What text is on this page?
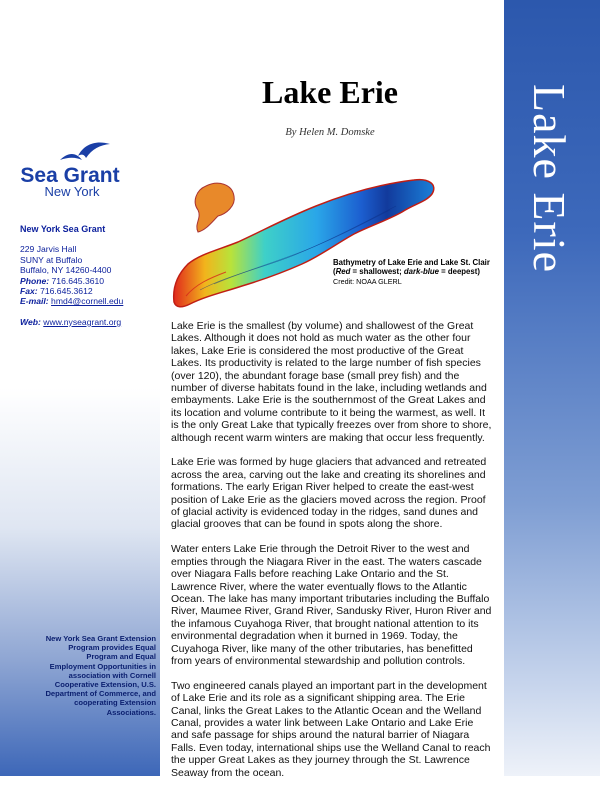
Lake Erie
Sea Grant
New York
New York Sea Grant
229 Jarvis Hall
SUNY at Buffalo
Buffalo, NY 14260-4400
Phone: 716.645.3610
Fax: 716.645.3612
E-mail: hmd4@cornell.edu
Web: www.nyseagrant.org
New York Sea Grant Extension Program provides Equal Program and Equal Employment Opportunities in association with Cornell Cooperative Extension, U.S. Department of Commerce, and cooperating Extension Associations.
Lake Erie
By Helen M. Domske
Bathymetry of Lake Erie and Lake St. Clair
(Red = shallowest; dark-blue = deepest)
Credit: NOAA GLERL

Lake Erie is the smallest (by volume) and shallowest of the Great Lakes. Although it does not hold as much water as the other four lakes, Lake Erie is considered the most productive of the Great Lakes. Its productivity is related to the large number of fish species (over 120), the abundant forage base (small prey fish) and the number of diverse habitats found in the lake, including wetlands and embayments. Lake Erie is the southernmost of the Great Lakes and its location and volume contribute to it being the warmest, as well. It is the only Great Lake that typically freezes over from shore to shore, although recent warm winters are making that occur less frequently.

Lake Erie was formed by huge glaciers that advanced and retreated across the area, carving out the lake and creating its shorelines and formations. The early Erigan River helped to create the east-west position of Lake Erie as the glaciers moved across the region. Proof of glacial activity is evidenced today in the ridges, sand dunes and glacial grooves that can be found in spots along the shore.

Water enters Lake Erie through the Detroit River to the west and empties through the Niagara River in the east. The waters cascade over Niagara Falls before reaching Lake Ontario and the St. Lawrence River, where the water eventually flows to the Atlantic Ocean. The lake has many important tributaries including the Buffalo River, Maumee River, Grand River, Sandusky River, Huron River and the infamous Cuyahoga River, that brought national attention to its environmental degradation when it burned in 1969. Today, the Cuyahoga River, like many of the other tributaries, has benefitted from years of environmental stewardship and pollution controls.

Two engineered canals played an important part in the development of Lake Erie and its role as a significant shipping area. The Erie Canal, links the Great Lakes to the Atlantic Ocean and the Welland Canal, provides a water link between Lake Ontario and Lake Erie and safe passage for ships around the natural barrier of Niagara Falls. Even today, international ships use the Welland Canal to reach the upper Great Lakes as they journey through the St. Lawrence Seaway from the ocean.
